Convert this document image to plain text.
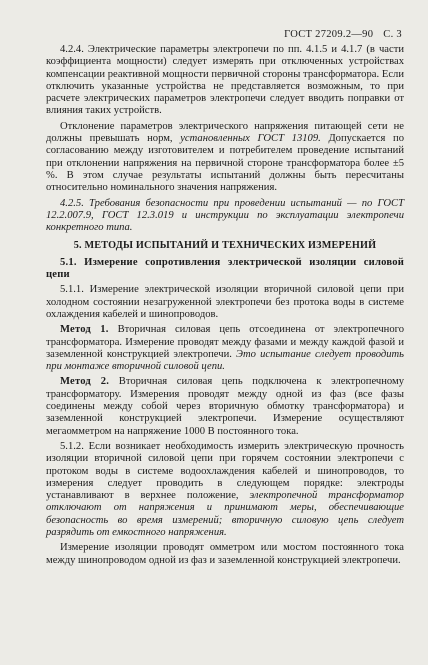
ГОСТ 27209.2—90 С. 3

4.2.4. Электрические параметры электропечи по пп. 4.1.5 и 4.1.7 (в части коэффициента мощности) следует измерять при отключенных устройствах компенсации реактивной мощности первичной стороны трансформатора. Если отключить указанные устройства не представляется возможным, то при расчете электрических параметров электропечи следует вводить поправки от влияния таких устройств.

Отклонение параметров электрического напряжения питающей сети не должны превышать норм, установленных ГОСТ 13109. Допускается по согласованию между изготовителем и потребителем проведение испытаний при отклонении напряжения на первичной стороне трансформатора более ±5 %. В этом случае результаты испытаний должны быть пересчитаны относительно номинального значения напряжения.

4.2.5. Требования безопасности при проведении испытаний — по ГОСТ 12.2.007.9, ГОСТ 12.3.019 и инструкции по эксплуатации электропечи конкретного типа.

5. МЕТОДЫ ИСПЫТАНИЙ И ТЕХНИЧЕСКИХ ИЗМЕРЕНИЙ

5.1. Измерение сопротивления электрической изоляции силовой цепи

5.1.1. Измерение электрической изоляции вторичной силовой цепи при холодном состоянии незагруженной электропечи без протока воды в системе охлаждения кабелей и шинопроводов.

Метод 1. Вторичная силовая цепь отсоединена от электропечного трансформатора. Измерение проводят между фазами и между каждой фазой и заземленной конструкцией электропечи. Это испытание следует проводить при монтаже вторичной силовой цепи.

Метод 2. Вторичная силовая цепь подключена к электропечному трансформатору. Измерения проводят между одной из фаз (все фазы соединены между собой через вторичную обмотку трансформатора) и заземленной конструкцией электропечи. Измерение осуществляют мегаомметром на напряжение 1000 В постоянного тока.

5.1.2. Если возникает необходимость измерить электрическую прочность изоляции вторичной силовой цепи при горячем состоянии электропечи с протоком воды в системе водоохлаждения кабелей и шинопроводов, то измерения следует проводить в следующем порядке: электроды устанавливают в верхнее положение, электропечной трансформатор отключают от напряжения и принимают меры, обеспечивающие безопасность во время измерений; вторичную силовую цепь следует разрядить от емкостного напряжения.

Измерение изоляции проводят омметром или мостом постоянного тока между шинопроводом одной из фаз и заземленной конструкцией электропечи.
